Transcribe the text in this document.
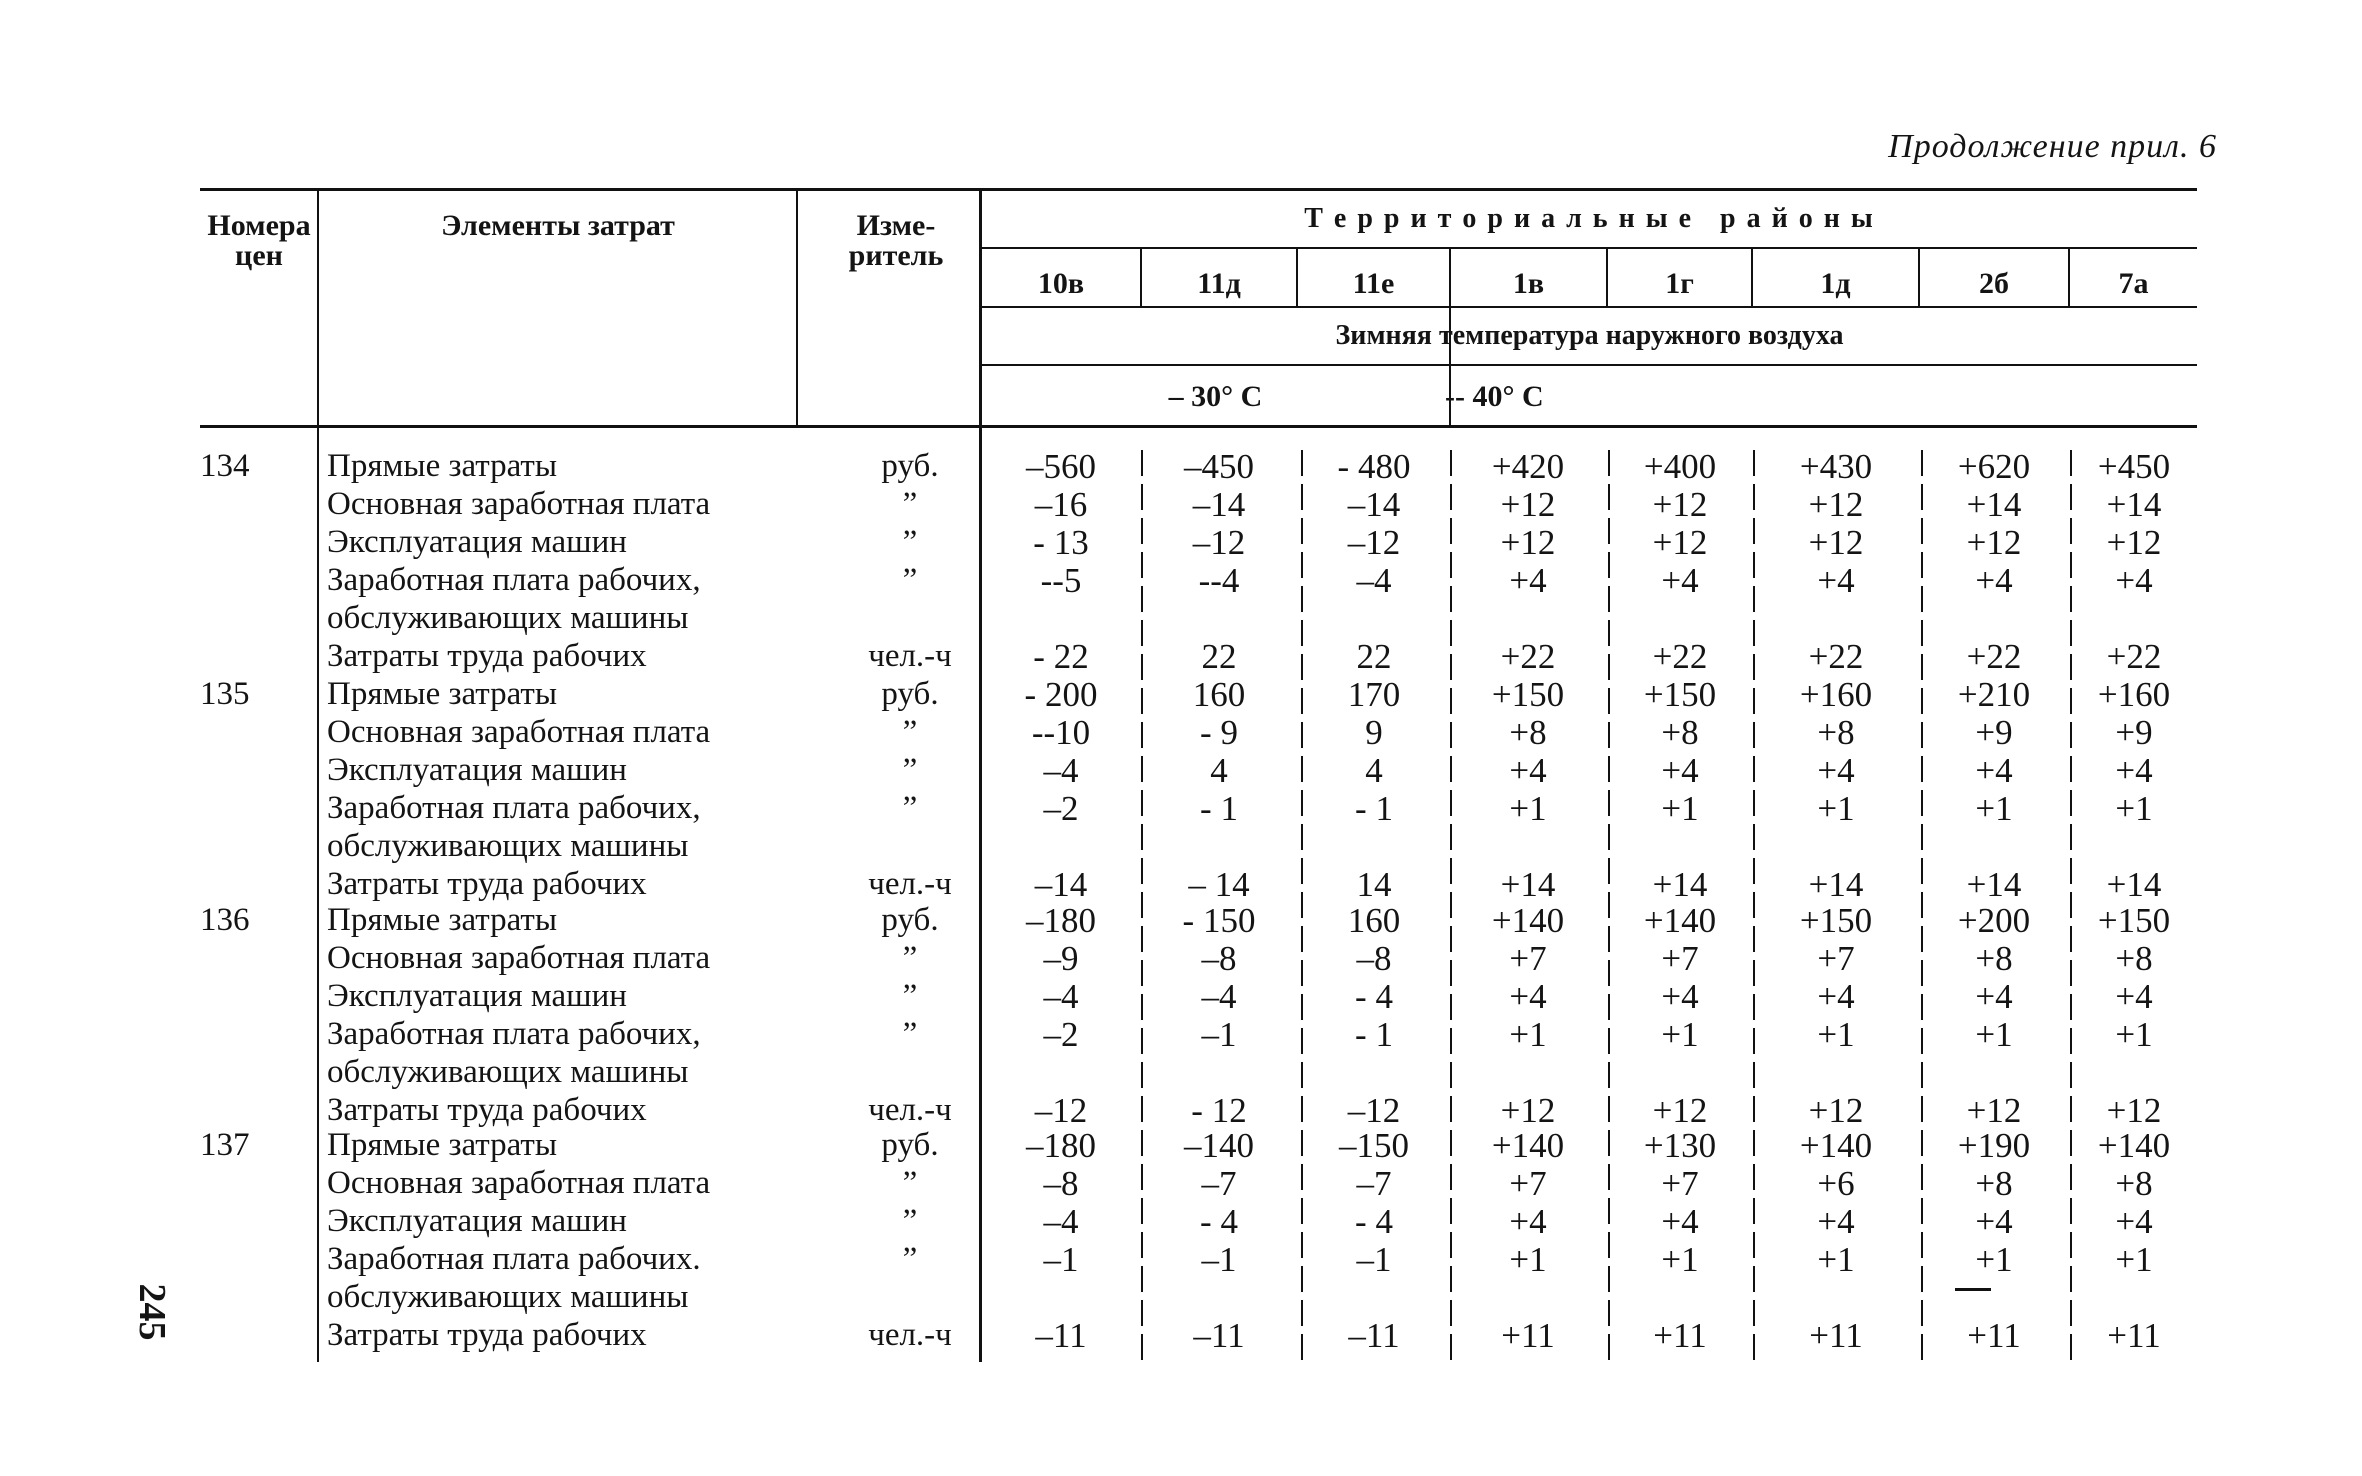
Продолжение прил. 6
Номера цен
Элементы затрат	Изме- ритель
Т е р р и т о р и а л ь н ы е   р а й о н ы
Зимняя температура наружного воздуха
– 30° С	-- 40° С
10в	11д	11е	1в	1г	1д	2б	7а
134 Прямые затраты	руб.	–560	–450	- 480	+420	+400	+430	+620	+450
Основная заработная плата	”	–16	–14	–14	+12	+12	+12	+14	+14
Эксплуатация машин	”	- 13	–12	–12	+12	+12	+12	+12	+12
Заработная плата рабочих,	”	--5	--4	–4	+4	+4	+4	+4	+4
обслуживающих машины
Затраты труда рабочих	чел.-ч	- 22	22	22	+22	+22	+22	+22	+22
135 Прямые затраты	руб.	- 200	160	170	+150	+150	+160	+210	+160
Основная заработная плата	”	--10	- 9	9	+8	+8	+8	+9	+9
Эксплуатация машин	”	–4	4	4	+4	+4	+4	+4	+4
Заработная плата рабочих,	”	–2	- 1	- 1	+1	+1	+1	+1	+1
обслуживающих машины
Затраты труда рабочих	чел.-ч	–14	– 14	14	+14	+14	+14	+14	+14
136 Прямые затраты	руб.	–180	- 150	160	+140	+140	+150	+200	+150
Основная заработная плата	”	–9	–8	–8	+7	+7	+7	+8	+8
Эксплуатация машин	”	–4	–4	- 4	+4	+4	+4	+4	+4
Заработная плата рабочих,	”	–2	–1	- 1	+1	+1	+1	+1	+1
обслуживающих машины
Затраты труда рабочих	чел.-ч	–12	- 12	–12	+12	+12	+12	+12	+12
137 Прямые затраты	руб.	–180	–140	–150	+140	+130	+140	+190	+140
Основная заработная плата	”	–8	–7	–7	+7	+7	+6	+8	+8
Эксплуатация машин	”	–4	- 4	- 4	+4	+4	+4	+4	+4
Заработная плата рабочих.	”	–1	–1	–1	+1	+1	+1	+1	+1
обслуживающих машины
Затраты труда рабочих	чел.-ч	–11	–11	–11	+11	+11	+11	+11	+11
245
